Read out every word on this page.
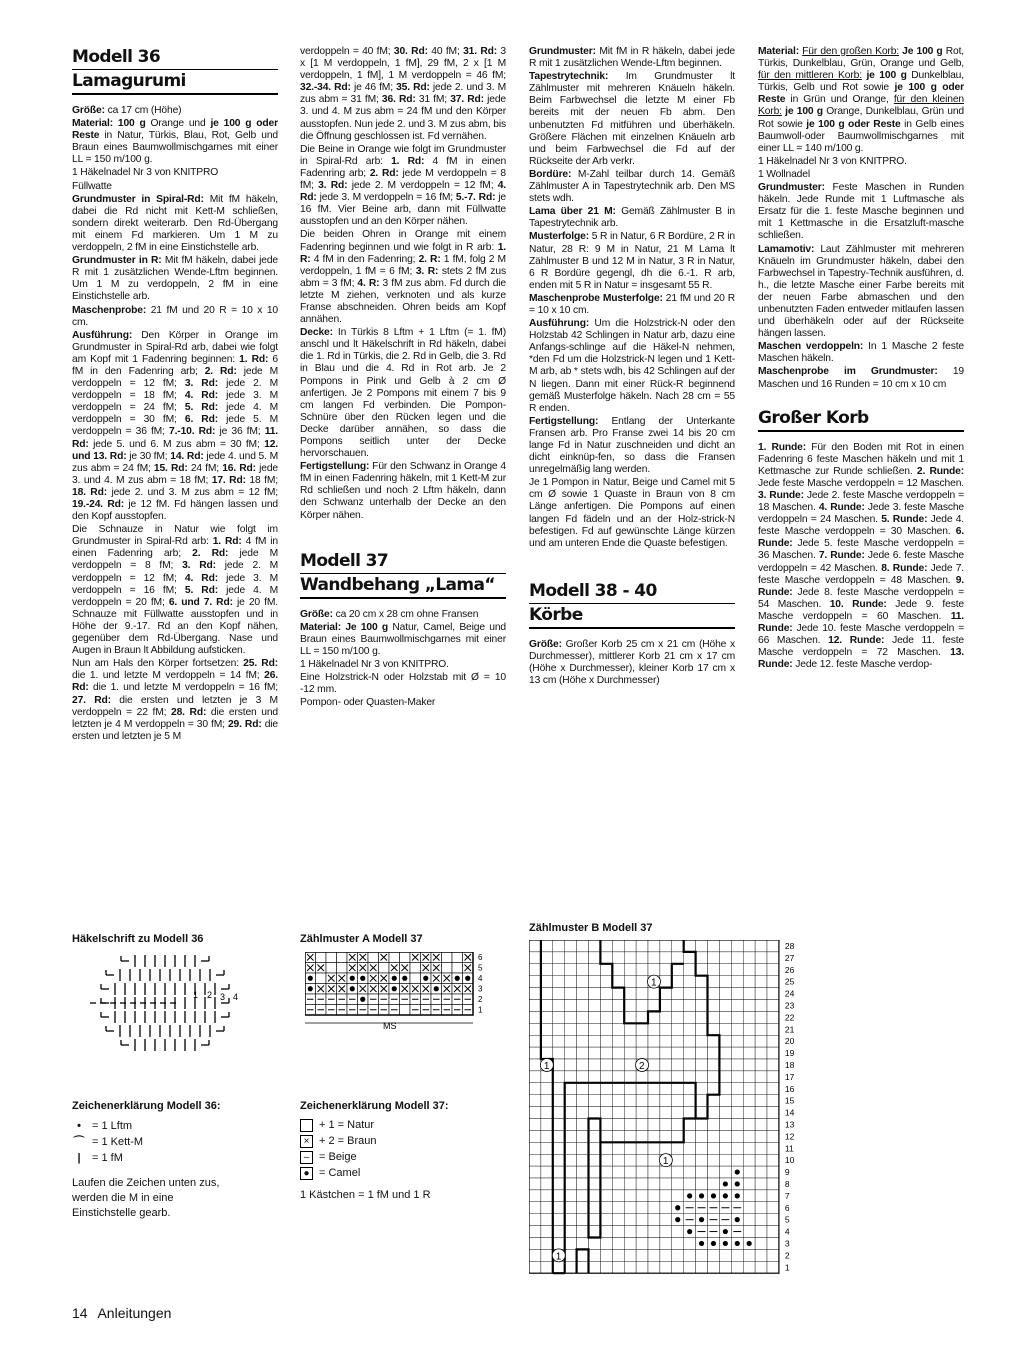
Modell 36
Lamagurumi

Größe: ca 17 cm (Höhe)

Material: 100 g Orange und je 100 g oder Reste in Natur, Türkis, Blau, Rot, Gelb und Braun eines Baumwollmischgarnes mit einer LL = 150 m/100 g.

1 Häkelnadel Nr 3 von KNITPRO

Füllwatte

Grundmuster in Spiral-Rd: Mit fM häkeln, dabei die Rd nicht mit Kett-M schließen, sondern direkt weiterarb. Den Rd-Übergang mit einem Fd markieren. Um 1 M zu verdoppeln, 2 fM in eine Einstichstelle arb.

Grundmuster in R: Mit fM häkeln, dabei jede R mit 1 zusätzlichen Wende-Lftm beginnen. Um 1 M zu verdoppeln, 2 fM in eine Einstichstelle arb.

Maschenprobe: 21 fM und 20 R = 10 x 10 cm.

Ausführung: Den Körper in Orange im Grundmuster in Spiral-Rd arb, dabei wie folgt am Kopf mit 1 Fadenring beginnen: 1. Rd: 6 fM in den Fadenring arb; 2. Rd: jede M verdoppeln = 12 fM; 3. Rd: jede 2. M verdoppeln = 18 fM; 4. Rd: jede 3. M verdoppeln = 24 fM; 5. Rd: jede 4. M verdoppeln = 30 fM; 6. Rd: jede 5. M verdoppeln = 36 fM; 7.-10. Rd: je 36 fM; 11. Rd: jede 5. und 6. M zus abm = 30 fM; 12. und 13. Rd: je 30 fM; 14. Rd: jede 4. und 5. M zus abm = 24 fM; 15. Rd: 24 fM; 16. Rd: jede 3. und 4. M zus abm = 18 fM; 17. Rd: 18 fM; 18. Rd: jede 2. und 3. M zus abm = 12 fM; 19.-24. Rd: je 12 fM. Fd hängen lassen und den Kopf ausstopfen.

Die Schnauze in Natur wie folgt im Grundmuster in Spiral-Rd arb: 1. Rd: 4 fM in einen Fadenring arb; 2. Rd: jede M verdoppeln = 8 fM; 3. Rd: jede 2. M verdoppeln = 12 fM; 4. Rd: jede 3. M verdoppeln = 16 fM; 5. Rd: jede 4. M verdoppeln = 20 fM; 6. und 7. Rd: je 20 fM. Schnauze mit Füllwatte ausstopfen und in Höhe der 9.-17. Rd an den Kopf nähen, gegenüber dem Rd-Übergang. Nase und Augen in Braun lt Abbildung aufsticken.

Nun am Hals den Körper fortsetzen: 25. Rd: die 1. und letzte M verdoppeln = 14 fM; 26. Rd: die 1. und letzte M verdoppeln = 16 fM; 27. Rd: die ersten und letzten je 3 M verdoppeln = 22 fM; 28. Rd: die ersten und letzten je 4 M verdoppeln = 30 fM; 29. Rd: die ersten und letzten je 5 M

verdoppeln = 40 fM; 30. Rd: 40 fM; 31. Rd: 3 x [1 M verdoppeln, 1 fM], 29 fM, 2 x [1 M verdoppeln, 1 fM], 1 M verdoppeln = 46 fM; 32.-34. Rd: je 46 fM; 35. Rd: jede 2. und 3. M zus abm = 31 fM; 36. Rd: 31 fM; 37. Rd: jede 3. und 4. M zus abm = 24 fM und den Körper ausstopfen. Nun jede 2. und 3. M zus abm, bis die Öffnung geschlossen ist. Fd vernähen.

Die Beine in Orange wie folgt im Grundmuster in Spiral-Rd arb: 1. Rd: 4 fM in einen Fadenring arb; 2. Rd: jede M verdoppeln = 8 fM; 3. Rd: jede 2. M verdoppeln = 12 fM; 4. Rd: jede 3. M verdoppeln = 16 fM; 5.-7. Rd: je 16 fM. Vier Beine arb, dann mit Füllwatte ausstopfen und an den Körper nähen.

Die beiden Ohren in Orange mit einem Fadenring beginnen und wie folgt in R arb: 1. R: 4 fM in den Fadenring; 2. R: 1 fM, folg 2 M verdoppeln, 1 fM = 6 fM; 3. R: stets 2 fM zus abm = 3 fM; 4. R: 3 fM zus abm. Fd durch die letzte M ziehen, verknoten und als kurze Franse abschneiden. Ohren beids am Kopf annähen.

Decke: In Türkis 8 Lftm + 1 Lftm (= 1. fM) anschl und lt Häkelschrift in Rd häkeln, dabei die 1. Rd in Türkis, die 2. Rd in Gelb, die 3. Rd in Blau und die 4. Rd in Rot arb. Je 2 Pompons in Pink und Gelb à 2 cm Ø anfertigen. Je 2 Pompons mit einem 7 bis 9 cm langen Fd verbinden. Die Pompon-Schnüre über den Rücken legen und die Decke darüber annähen, so dass die Pompons seitlich unter der Decke hervorschauen.

Fertigstellung: Für den Schwanz in Orange 4 fM in einen Fadenring häkeln, mit 1 Kett-M zur Rd schließen und noch 2 Lftm häkeln, dann den Schwanz unterhalb der Decke an den Körper nähen.

Modell 37
Wandbehang „Lama“

Größe: ca 20 cm x 28 cm ohne Fransen

Material: Je 100 g Natur, Camel, Beige und Braun eines Baumwollmischgarnes mit einer LL = 150 m/100 g.

1 Häkelnadel Nr 3 von KNITPRO.

Eine Holzstrick-N oder Holzstab mit Ø = 10 -12 mm.

Pompon- oder Quasten-Maker

Grundmuster: Mit fM in R häkeln, dabei jede R mit 1 zusätzlichen Wende-Lftm beginnen.

Tapestrytechnik: Im Grundmuster lt Zählmuster mit mehreren Knäueln häkeln. Beim Farbwechsel die letzte M einer Fb bereits mit der neuen Fb abm. Den unbenutzten Fd mitführen und überhäkeln. Größere Flächen mit einzelnen Knäueln arb und beim Farbwechsel die Fd auf der Rückseite der Arb verkr.

Bordüre: M-Zahl teilbar durch 14. Gemäß Zählmuster A in Tapestrytechnik arb. Den MS stets wdh.

Lama über 21 M: Gemäß Zählmuster B in Tapestrytechnik arb.

Musterfolge: 5 R in Natur, 6 R Bordüre, 2 R in Natur, 28 R: 9 M in Natur, 21 M Lama lt Zählmuster B und 12 M in Natur, 3 R in Natur, 6 R Bordüre gegengl, dh die 6.-1. R arb, enden mit 5 R in Natur = insgesamt 55 R.

Maschenprobe Musterfolge: 21 fM und 20 R = 10 x 10 cm.

Ausführung: Um die Holzstrick-N oder den Holzstab 42 Schlingen in Natur arb, dazu eine Anfangs-schlinge auf die Häkel-N nehmen, *den Fd um die Holzstrick-N legen und 1 Kett-M arb, ab * stets wdh, bis 42 Schlingen auf der N liegen. Dann mit einer Rück-R beginnend gemäß Musterfolge häkeln. Nach 28 cm = 55 R enden.

Fertigstellung: Entlang der Unterkante Fransen arb. Pro Franse zwei 14 bis 20 cm lange Fd in Natur zuschneiden und dicht an dicht einknüp-fen, so dass die Fransen unregelmäßig lang werden.

Je 1 Pompon in Natur, Beige und Camel mit 5 cm Ø sowie 1 Quaste in Braun von 8 cm Länge anfertigen. Die Pompons auf einen langen Fd fädeln und an der Holz-strick-N befestigen. Fd auf gewünschte Länge kürzen und am unteren Ende die Quaste befestigen.

Modell 38 - 40
Körbe

Größe: Großer Korb 25 cm x 21 cm (Höhe x Durchmesser), mittlerer Korb 21 cm x 17 cm (Höhe x Durchmesser), kleiner Korb 17 cm x 13 cm (Höhe x Durchmesser)

Material: Für den großen Korb: Je 100 g Rot, Türkis, Dunkelblau, Grün, Orange und Gelb, für den mittleren Korb: je 100 g Dunkelblau, Türkis, Gelb und Rot sowie je 100 g oder Reste in Grün und Orange, für den kleinen Korb: je 100 g Orange, Dunkelblau, Grün und Rot sowie je 100 g oder Reste in Gelb eines Baumwoll-oder Baumwollmischgarnes mit einer LL = 140 m/100 g.

1 Häkelnadel Nr 3 von KNITPRO.

1 Wollnadel

Grundmuster: Feste Maschen in Runden häkeln. Jede Runde mit 1 Luftmasche als Ersatz für die 1. feste Masche beginnen und mit 1 Kettmasche in die Ersatzluft-masche schließen.

Lamamotiv: Laut Zählmuster mit mehreren Knäueln im Grundmuster häkeln, dabei den Farbwechsel in Tapestry-Technik ausführen, d. h., die letzte Masche einer Farbe bereits mit der neuen Farbe abmaschen und den unbenutzten Faden entweder mitlaufen lassen und überhäkeln oder auf der Rückseite hängen lassen.

Maschen verdoppeln: In 1 Masche 2 feste Maschen häkeln.

Maschenprobe im Grundmuster: 19 Maschen und 16 Runden = 10 cm x 10 cm

Großer Korb

1. Runde: Für den Boden mit Rot in einen Fadenring 6 feste Maschen häkeln und mit 1 Kettmasche zur Runde schließen. 2. Runde: Jede feste Masche verdoppeln = 12 Maschen. 3. Runde: Jede 2. feste Masche verdoppeln = 18 Maschen. 4. Runde: Jede 3. feste Masche verdoppeln = 24 Maschen. 5. Runde: Jede 4. feste Masche verdoppeln = 30 Maschen. 6. Runde: Jede 5. feste Masche verdoppeln = 36 Maschen. 7. Runde: Jede 6. feste Masche verdoppeln = 42 Maschen. 8. Runde: Jede 7. feste Masche verdoppeln = 48 Maschen. 9. Runde: Jede 8. feste Masche verdoppeln = 54 Maschen. 10. Runde: Jede 9. feste Masche verdoppeln = 60 Maschen. 11. Runde: Jede 10. feste Masche verdoppeln = 66 Maschen. 12. Runde: Jede 11. feste Masche verdoppeln = 72 Maschen. 13. Runde: Jede 12. feste Masche verdop-

Häkelschrift zu Modell 36
1 2 3 4
Zeichenerklärung Modell 36:
•	= 1 Lftm
⌒ = 1 Kett-M
|	= 1 fM
Laufen die Zeichen unten zus, werden die M in eine Einstichstelle gearb.
Zählmuster A Modell 37
6
5
4
3
2
1
MS
Zeichenerklärung Modell 37:
+ 1 = Natur
× + 2 = Braun
– = Beige
● = Camel
1 Kästchen = 1 fM und 1 R
Zählmuster B Modell 37
1
2
1
1
1
28
27
26
25
24
23
22
21
20
19
18
17
16
15
14
13
12
11
10
9
8
7
6
5
4
3
2
1
14 Anleitungen
